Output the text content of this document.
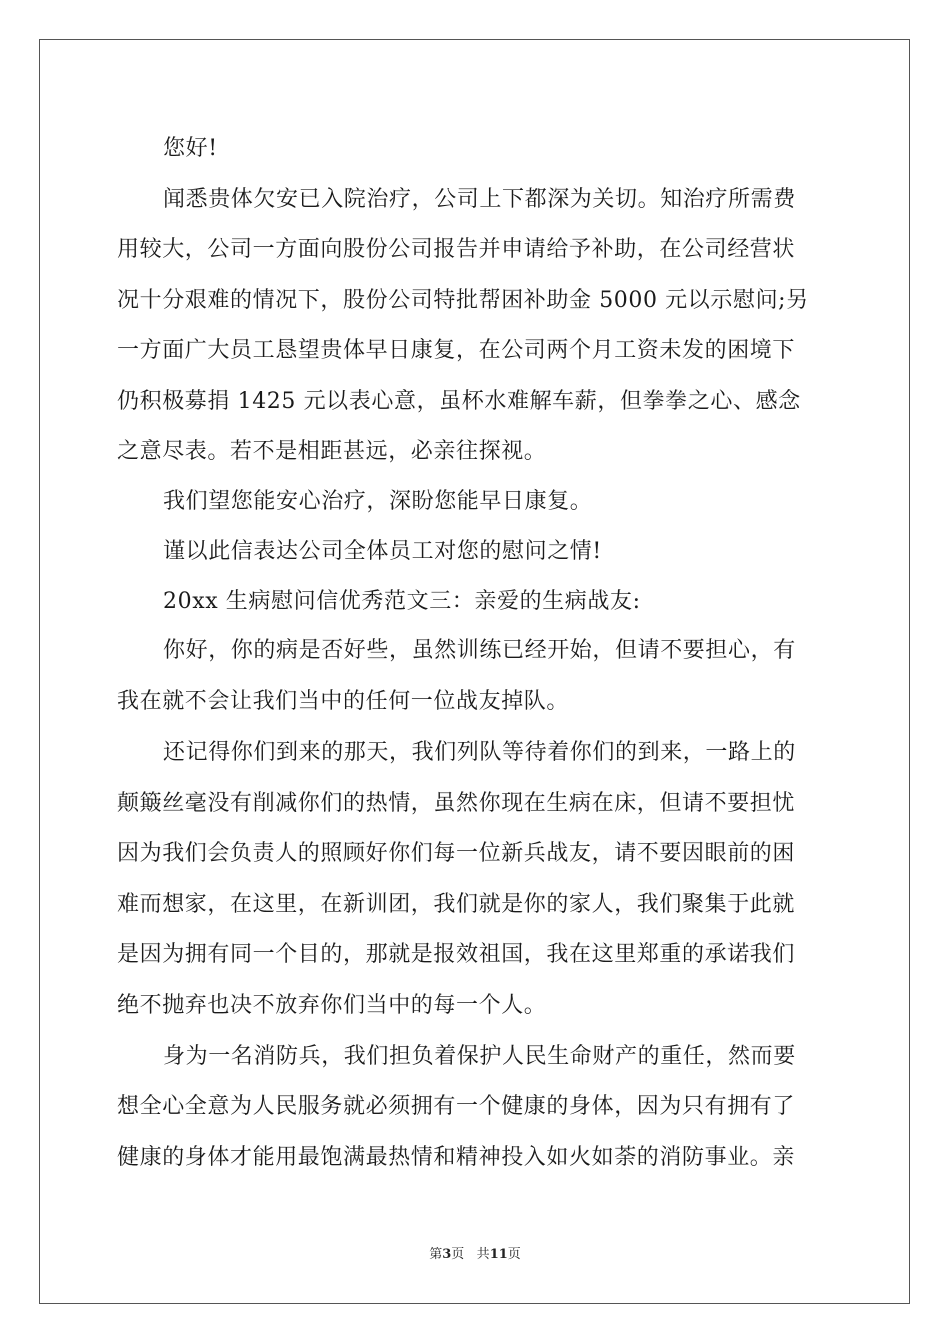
您好!
闻悉贵体欠安已入院治疗，公司上下都深为关切。知治疗所需费
用较大，公司一方面向股份公司报告并申请给予补助，在公司经营状
况十分艰难的情况下，股份公司特批帮困补助金 5000 元以示慰问;另
一方面广大员工恳望贵体早日康复，在公司两个月工资未发的困境下
仍积极募捐 1425 元以表心意，虽杯水难解车薪，但拳拳之心、感念
之意尽表。若不是相距甚远，必亲往探视。
我们望您能安心治疗，深盼您能早日康复。
谨以此信表达公司全体员工对您的慰问之情!
20xx 生病慰问信优秀范文三：亲爱的生病战友:
你好，你的病是否好些，虽然训练已经开始，但请不要担心，有
我在就不会让我们当中的任何一位战友掉队。
还记得你们到来的那天，我们列队等待着你们的到来，一路上的
颠簸丝毫没有削减你们的热情，虽然你现在生病在床，但请不要担忧
因为我们会负责人的照顾好你们每一位新兵战友，请不要因眼前的困
难而想家，在这里，在新训团，我们就是你的家人，我们聚集于此就
是因为拥有同一个目的，那就是报效祖国，我在这里郑重的承诺我们
绝不抛弃也决不放弃你们当中的每一个人。
身为一名消防兵，我们担负着保护人民生命财产的重任，然而要
想全心全意为人民服务就必须拥有一个健康的身体，因为只有拥有了
健康的身体才能用最饱满最热情和精神投入如火如荼的消防事业。亲
第3页 共11页
